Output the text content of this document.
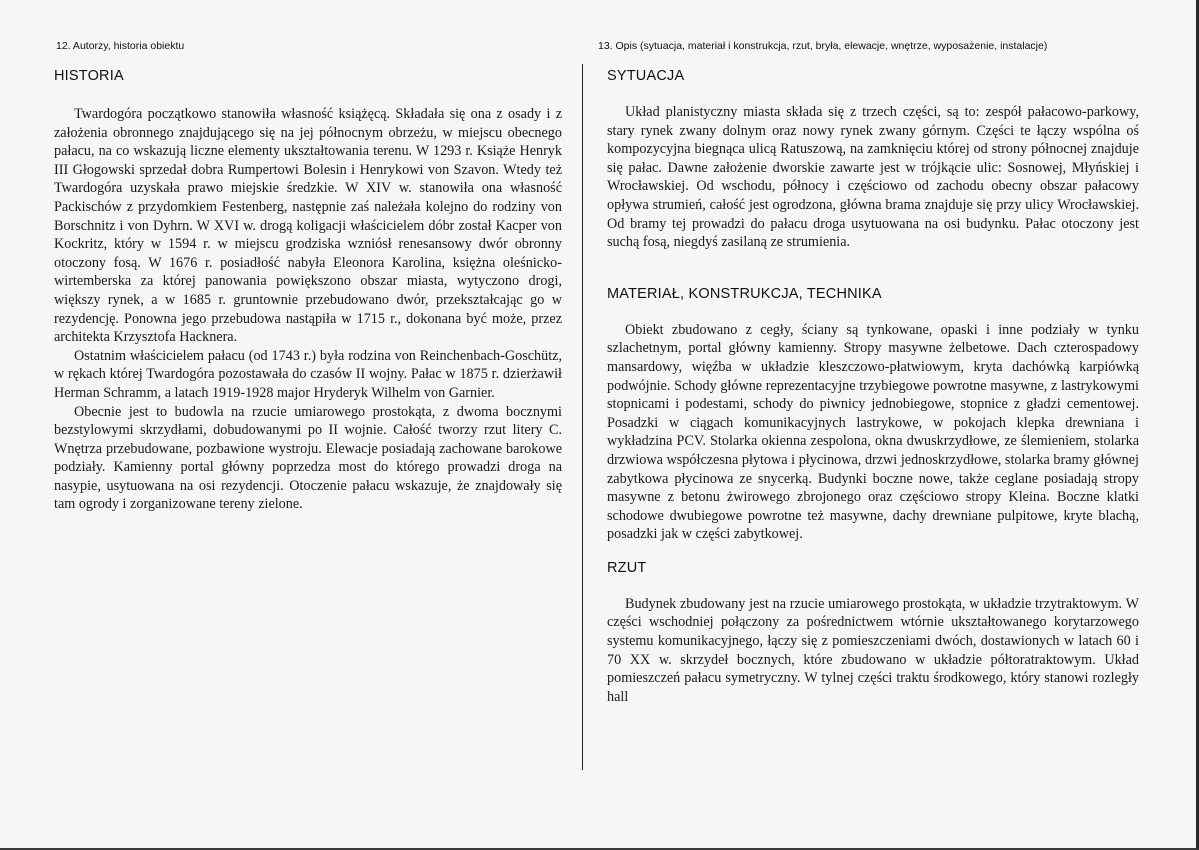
12. Autorzy, historia obiektu	13. Opis (sytuacja, materiał i konstrukcja, rzut, bryła, elewacje, wnętrze, wyposażenie, instalacje)
HISTORIA

Twardogóra początkowo stanowiła własność książęcą. Składała się ona z osady i z założenia obronnego znajdującego się na jej północnym obrzeżu, w miejscu obecnego pałacu, na co wskazują liczne elementy ukształtowania terenu. W 1293 r. Książe Henryk III Głogowski sprzedał dobra Rumpertowi Bolesin i Henrykowi von Szavon. Wtedy też Twardogóra uzyskała prawo miejskie średzkie. W XIV w. stanowiła ona własność Packischów z przydomkiem Festenberg, następnie zaś należała kolejno do rodziny von Borschnitz i von Dyhrn. W XVI w. drogą koligacji właścicielem dóbr został Kacper von Kockritz, który w 1594 r. w miejscu grodziska wzniósł renesansowy dwór obronny otoczony fosą. W 1676 r. posiadłość nabyła Eleonora Karolina, księżna oleśnicko-wirtemberska za której panowania powiększono obszar miasta, wytyczono drogi, większy rynek, a w 1685 r. gruntownie przebudowano dwór, przekształcając go w rezydencję. Ponowna jego przebudowa nastąpiła w 1715 r., dokonana być może, przez architekta Krzysztofa Hacknera.

Ostatnim właścicielem pałacu (od 1743 r.) była rodzina von Reinchenbach-Goschütz, w rękach której Twardogóra pozostawała do czasów II wojny. Pałac w 1875 r. dzierżawił Herman Schramm, a latach 1919-1928 major Hryderyk Wilhelm von Garnier.

Obecnie jest to budowla na rzucie umiarowego prostokąta, z dwoma bocznymi bezstylowymi skrzydłami, dobudowanymi po II wojnie. Całość tworzy rzut litery C. Wnętrza przebudowane, pozbawione wystroju. Elewacje posiadają zachowane barokowe podziały. Kamienny portal główny poprzedza most do którego prowadzi droga na nasypie, usytuowana na osi rezydencji. Otoczenie pałacu wskazuje, że znajdowały się tam ogrody i zorganizowane tereny zielone.

SYTUACJA

Układ planistyczny miasta składa się z trzech części, są to: zespół pałacowo-parkowy, stary rynek zwany dolnym oraz nowy rynek zwany górnym. Części te łączy wspólna oś kompozycyjna biegnąca ulicą Ratuszową, na zamknięciu której od strony północnej znajduje się pałac. Dawne założenie dworskie zawarte jest w trójkącie ulic: Sosnowej, Młyńskiej i Wrocławskiej. Od wschodu, północy i częściowo od zachodu obecny obszar pałacowy opływa strumień, całość jest ogrodzona, główna brama znajduje się przy ulicy Wrocławskiej. Od bramy tej prowadzi do pałacu droga usytuowana na osi budynku. Pałac otoczony jest suchą fosą, niegdyś zasilaną ze strumienia.

MATERIAŁ, KONSTRUKCJA, TECHNIKA

Obiekt zbudowano z cegły, ściany są tynkowane, opaski i inne podziały w tynku szlachetnym, portal główny kamienny. Stropy masywne żelbetowe. Dach czterospadowy mansardowy, więźba w układzie kleszczowo-płatwiowym, kryta dachówką karpiówką podwójnie. Schody główne reprezentacyjne trzybiegowe powrotne masywne, z lastrykowymi stopnicami i podestami, schody do piwnicy jednobiegowe, stopnice z gładzi cementowej. Posadzki w ciągach komunikacyjnych lastrykowe, w pokojach klepka drewniana i wykładzina PCV. Stolarka okienna zespolona, okna dwuskrzydłowe, ze ślemieniem, stolarka drzwiowa współczesna płytowa i płycinowa, drzwi jednoskrzydłowe, stolarka bramy głównej zabytkowa płycinowa ze snycerką. Budynki boczne nowe, także ceglane posiadają stropy masywne z betonu żwirowego zbrojonego oraz częściowo stropy Kleina. Boczne klatki schodowe dwubiegowe powrotne też masywne, dachy drewniane pulpitowe, kryte blachą, posadzki jak w części zabytkowej.

RZUT

Budynek zbudowany jest na rzucie umiarowego prostokąta, w układzie trzytraktowym. W części wschodniej połączony za pośrednictwem wtórnie ukształtowanego korytarzowego systemu komunikacyjnego, łączy się z pomieszczeniami dwóch, dostawionych w latach 60 i 70 XX w. skrzydeł bocznych, które zbudowano w układzie półtoratraktowym. Układ pomieszczeń pałacu symetryczny. W tylnej części traktu środkowego, który stanowi rozległy hall
